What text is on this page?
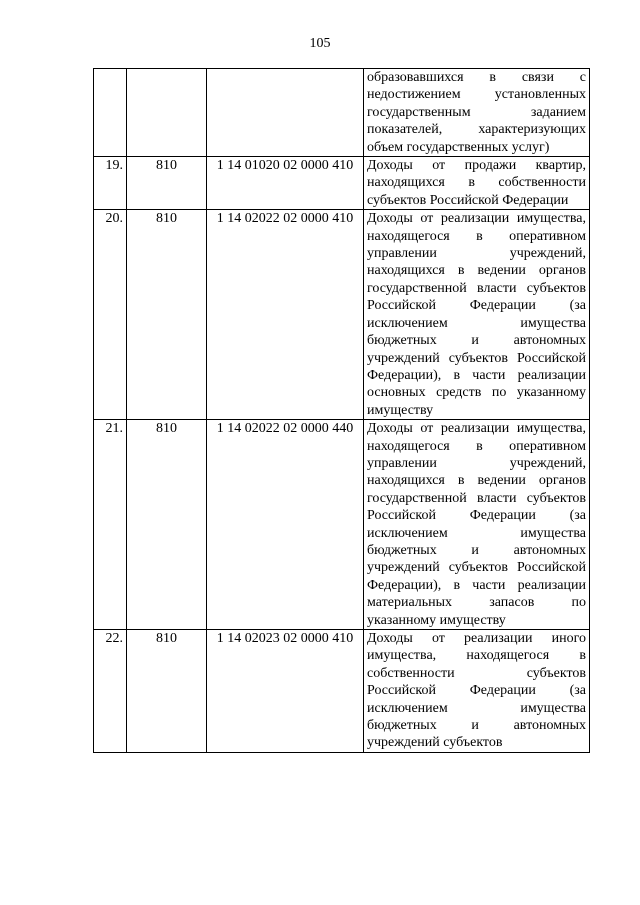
105
			образовавшихся в связи с недостижением установленных государственным заданием показателей, характеризующих объем государственных услуг)
19.	810	1 14 01020 02 0000 410	Доходы от продажи квартир, находящихся в собственности субъектов Российской Федерации
20.	810	1 14 02022 02 0000 410	Доходы от реализации имущества, находящегося в оперативном управлении учреждений, находящихся в ведении органов государственной власти субъектов Российской Федерации (за исключением имущества бюджетных и автономных учреждений субъектов Российской Федерации), в части реализации основных средств по указанному имуществу
21.	810	1 14 02022 02 0000 440	Доходы от реализации имущества, находящегося в оперативном управлении учреждений, находящихся в ведении органов государственной власти субъектов Российской Федерации (за исключением имущества бюджетных и автономных учреждений субъектов Российской Федерации), в части реализации материальных запасов по указанному имуществу
22.	810	1 14 02023 02 0000 410	Доходы от реализации иного имущества, находящегося в собственности субъектов Российской Федерации (за исключением имущества бюджетных и автономных учреждений субъектов
